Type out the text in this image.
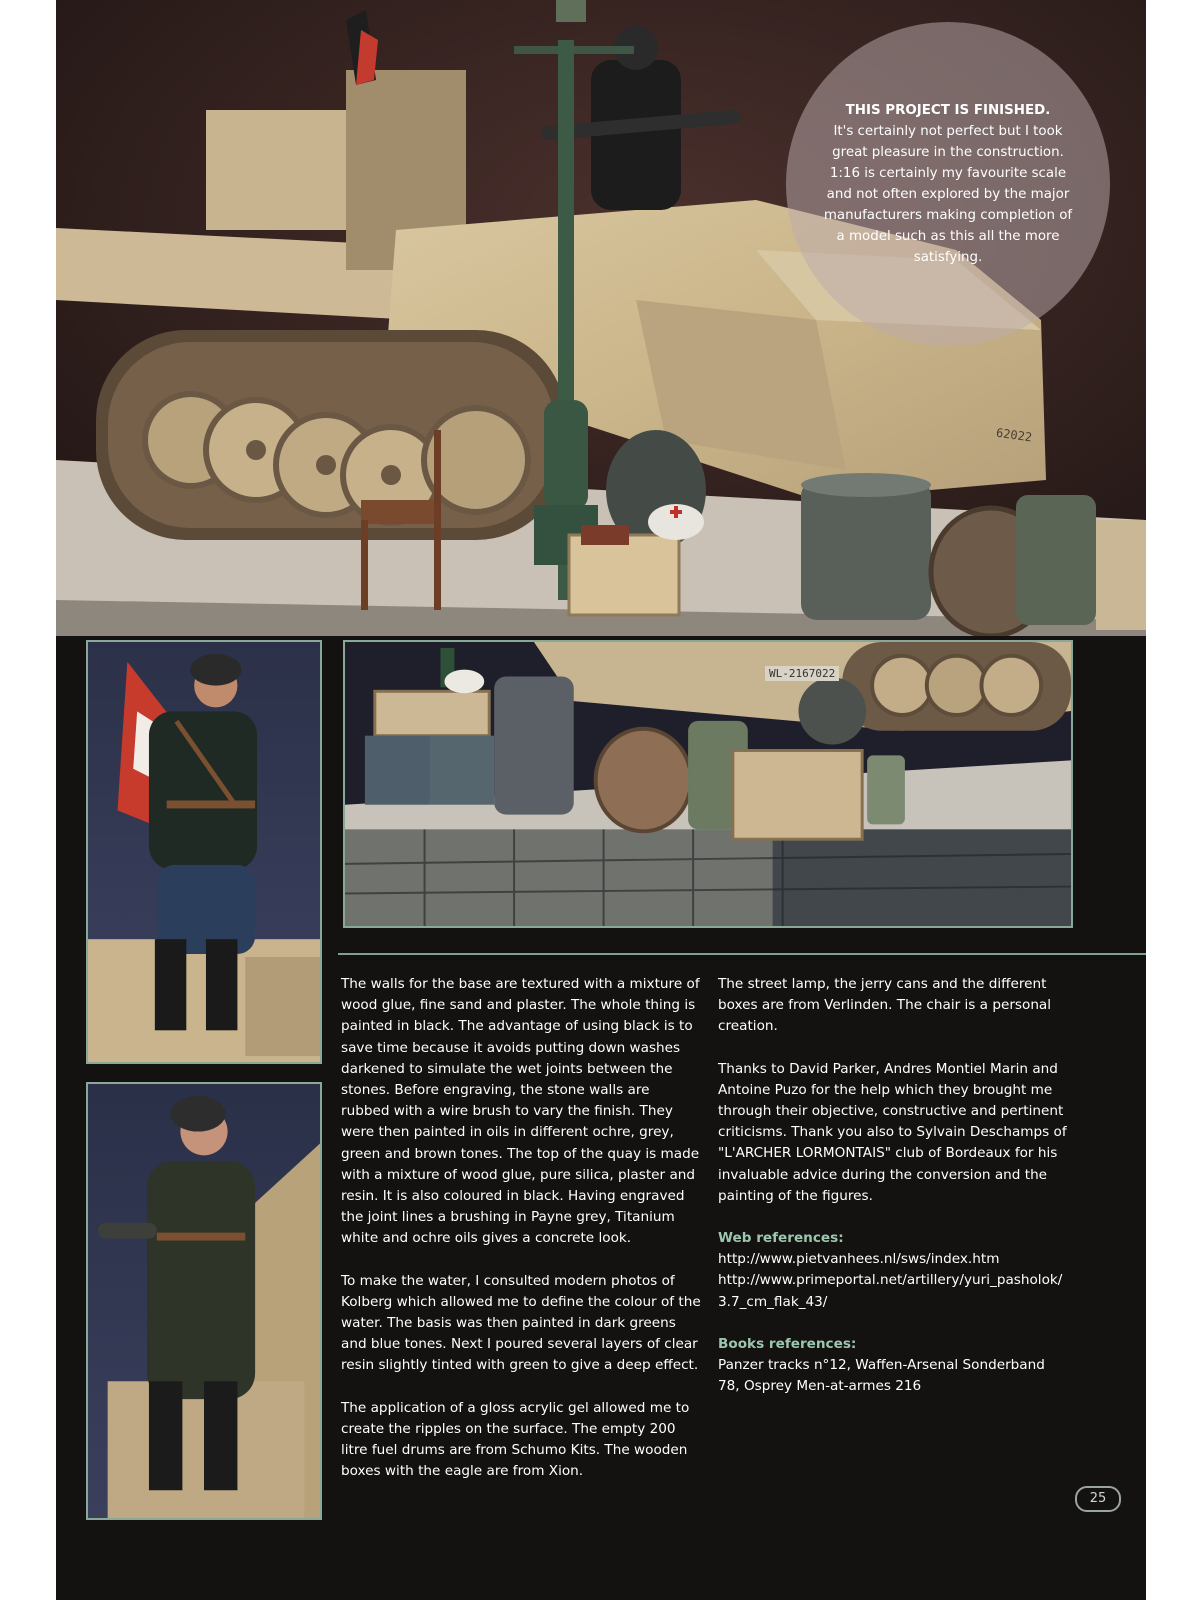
62022
THIS PROJECT IS FINISHED.
It's certainly not perfect but I took
great pleasure in the construction.
1:16 is certainly my favourite scale
and not often explored by the major
manufacturers making completion of
a model such as this all the more
satisfying.
WL-2167022

The walls for the base are textured with a mixture of wood glue, fine sand and plaster. The whole thing is painted in black. The advantage of using black is to save time because it avoids putting down washes darkened to simulate the wet joints between the stones. Before engraving, the stone walls are rubbed with a wire brush to vary the finish. They were then painted in oils in different ochre, grey, green and brown tones. The top of the quay is made with a mixture of wood glue, pure silica, plaster and resin. It is also coloured in black. Having engraved the joint lines a brushing in Payne grey, Titanium white and ochre oils gives a concrete look.

To make the water, I consulted modern photos of Kolberg which allowed me to define the colour of the water. The basis was then painted in dark greens and blue tones. Next I poured several layers of clear resin slightly tinted with green to give a deep effect.

The application of a gloss acrylic gel allowed me to create the ripples on the surface. The empty 200 litre fuel drums are from Schumo Kits. The wooden boxes with the eagle are from Xion.

The street lamp, the jerry cans and the different boxes are from Verlinden. The chair is a personal creation.

Thanks to David Parker, Andres Montiel Marin and Antoine Puzo for the help which they brought me through their objective, constructive and pertinent criticisms. Thank you also to Sylvain Deschamps of "L'ARCHER LORMONTAIS" club of Bordeaux for his invaluable advice during the conversion and the painting of the figures.

Web references:
http://www.pietvanhees.nl/sws/index.htm
http://www.primeportal.net/artillery/yuri_pasholok/
3.7_cm_flak_43/

Books references:
Panzer tracks n°12, Waffen-Arsenal Sonderband
78, Osprey Men-at-armes 216

25
